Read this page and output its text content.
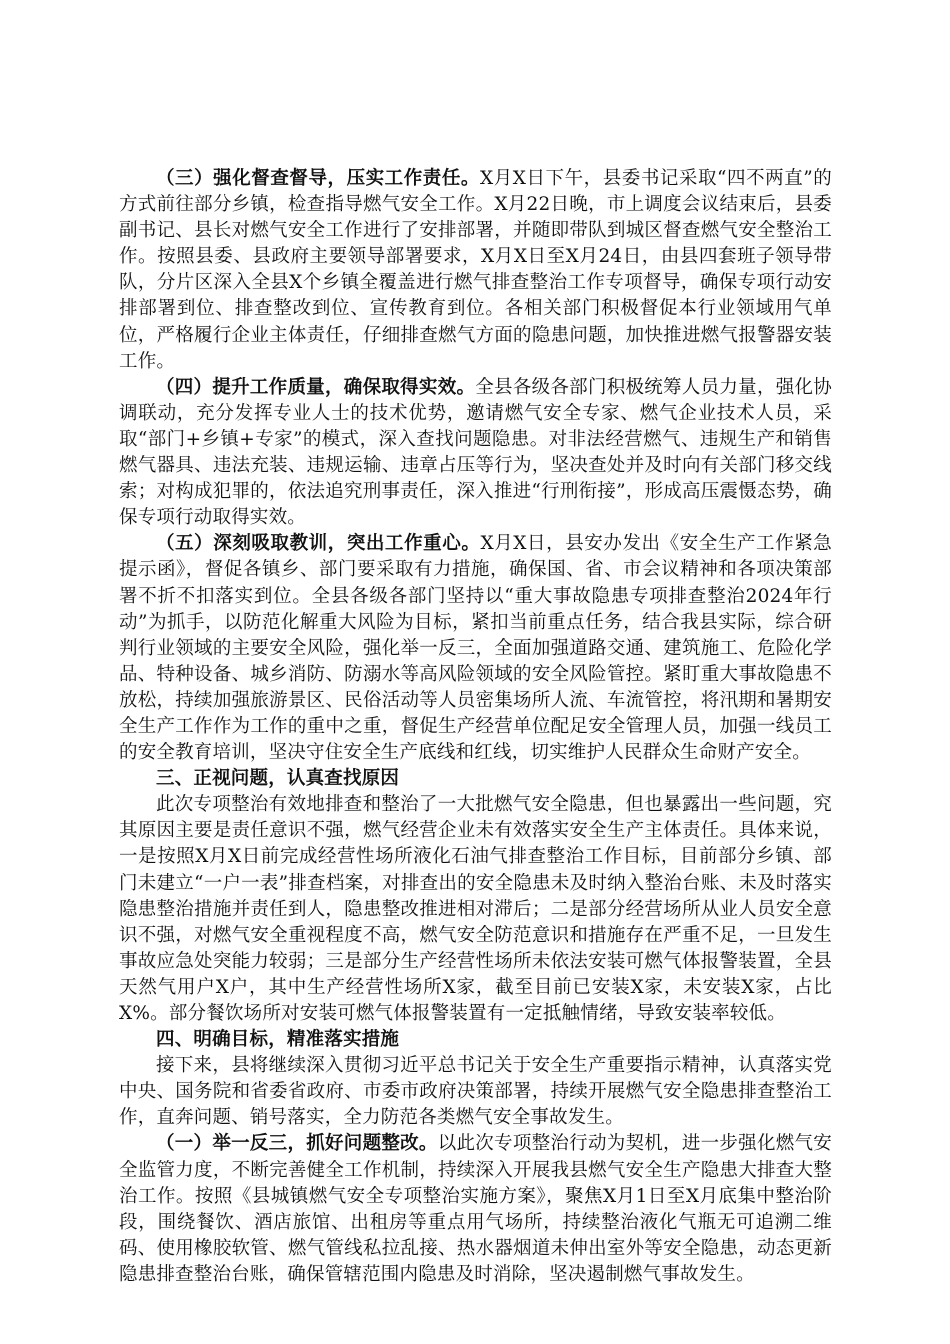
（三）强化督查督导，压实工作责任。X月X日下午，县委书记采取“四不两直”的方式前往部分乡镇，检查指导燃气安全工作。X月22日晚，市上调度会议结束后，县委副书记、县长对燃气安全工作进行了安排部署，并随即带队到城区督查燃气安全整治工作。按照县委、县政府主要领导部署要求，X月X日至X月24日，由县四套班子领导带队，分片区深入全县X个乡镇全覆盖进行燃气排查整治工作专项督导，确保专项行动安排部署到位、排查整改到位、宣传教育到位。各相关部门积极督促本行业领域用气单位，严格履行企业主体责任，仔细排查燃气方面的隐患问题，加快推进燃气报警器安装工作。

（四）提升工作质量，确保取得实效。全县各级各部门积极统筹人员力量，强化协调联动，充分发挥专业人士的技术优势，邀请燃气安全专家、燃气企业技术人员，采取“部门+乡镇+专家”的模式，深入查找问题隐患。对非法经营燃气、违规生产和销售燃气器具、违法充装、违规运输、违章占压等行为，坚决查处并及时向有关部门移交线索；对构成犯罪的，依法追究刑事责任，深入推进“行刑衔接”，形成高压震慑态势，确保专项行动取得实效。

（五）深刻吸取教训，突出工作重心。X月X日，县安办发出《安全生产工作紧急提示函》，督促各镇乡、部门要采取有力措施，确保国、省、市会议精神和各项决策部署不折不扣落实到位。全县各级各部门坚持以“重大事故隐患专项排查整治2024年行动”为抓手，以防范化解重大风险为目标，紧扣当前重点任务，结合我县实际，综合研判行业领域的主要安全风险，强化举一反三，全面加强道路交通、建筑施工、危险化学品、特种设备、城乡消防、防溺水等高风险领域的安全风险管控。紧盯重大事故隐患不放松，持续加强旅游景区、民俗活动等人员密集场所人流、车流管控，将汛期和暑期安全生产工作作为工作的重中之重，督促生产经营单位配足安全管理人员，加强一线员工的安全教育培训，坚决守住安全生产底线和红线，切实维护人民群众生命财产安全。

三、正视问题，认真查找原因

此次专项整治有效地排查和整治了一大批燃气安全隐患，但也暴露出一些问题，究其原因主要是责任意识不强，燃气经营企业未有效落实安全生产主体责任。具体来说，一是按照X月X日前完成经营性场所液化石油气排查整治工作目标，目前部分乡镇、部门未建立“一户一表”排查档案，对排查出的安全隐患未及时纳入整治台账、未及时落实隐患整治措施并责任到人，隐患整改推进相对滞后；二是部分经营场所从业人员安全意识不强，对燃气安全重视程度不高，燃气安全防范意识和措施存在严重不足，一旦发生事故应急处突能力较弱；三是部分生产经营性场所未依法安装可燃气体报警装置，全县天然气用户X户，其中生产经营性场所X家，截至目前已安装X家，未安装X家，占比X%。部分餐饮场所对安装可燃气体报警装置有一定抵触情绪，导致安装率较低。

四、明确目标，精准落实措施

接下来，县将继续深入贯彻习近平总书记关于安全生产重要指示精神，认真落实党中央、国务院和省委省政府、市委市政府决策部署，持续开展燃气安全隐患排查整治工作，直奔问题、销号落实，全力防范各类燃气安全事故发生。

（一）举一反三，抓好问题整改。以此次专项整治行动为契机，进一步强化燃气安全监管力度，不断完善健全工作机制，持续深入开展我县燃气安全生产隐患大排查大整治工作。按照《县城镇燃气安全专项整治实施方案》，聚焦X月1日至X月底集中整治阶段，围绕餐饮、酒店旅馆、出租房等重点用气场所，持续整治液化气瓶无可追溯二维码、使用橡胶软管、燃气管线私拉乱接、热水器烟道未伸出室外等安全隐患，动态更新隐患排查整治台账，确保管辖范围内隐患及时消除，坚决遏制燃气事故发生。
